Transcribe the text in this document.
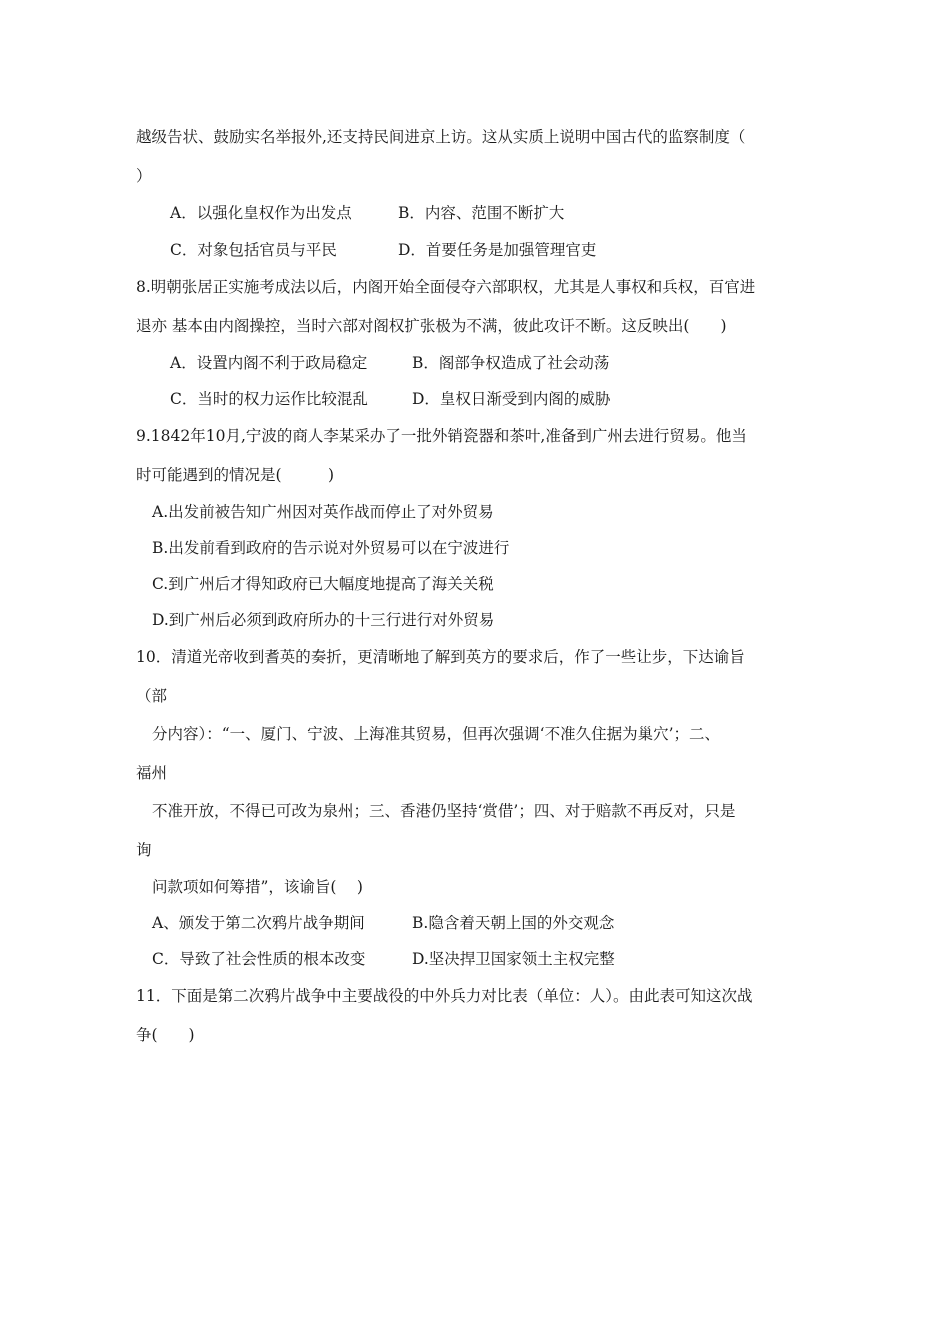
越级告状、鼓励实名举报外,还支持民间进京上访。这从实质上说明中国古代的监察制度（
）
A．以强化皇权作为出发点	B．内容、范围不断扩大
C．对象包括官员与平民	D．首要任务是加强管理官吏
8.明朝张居正实施考成法以后，内阁开始全面侵夺六部职权，尤其是人事权和兵权，百官进
退亦 基本由内阁操控，当时六部对阁权扩张极为不满，彼此攻讦不断。这反映出(　　)
A．设置内阁不利于政局稳定	B．阁部争权造成了社会动荡
C．当时的权力运作比较混乱	D．皇权日渐受到内阁的威胁
9.1842年10月,宁波的商人李某采办了一批外销瓷器和茶叶,准备到广州去进行贸易。他当
时可能遇到的情况是(　　　)
A.出发前被告知广州因对英作战而停止了对外贸易
B.出发前看到政府的告示说对外贸易可以在宁波进行
C.到广州后才得知政府已大幅度地提高了海关关税
D.到广州后必须到政府所办的十三行进行对外贸易
10．清道光帝收到耆英的奏折，更清晰地了解到英方的要求后，作了一些让步，下达谕旨
（部
分内容）：“一、厦门、宁波、上海准其贸易，但再次强调‘不准久住据为巢穴’；二、
福州
不准开放，不得已可改为泉州；三、香港仍坚持‘赏借’；四、对于赔款不再反对，只是
询
问款项如何筹措”，该谕旨(　 )
A、颁发于第二次鸦片战争期间	B.隐含着天朝上国的外交观念
C．导致了社会性质的根本改变	D.坚决捍卫国家领土主权完整
11．下面是第二次鸦片战争中主要战役的中外兵力对比表（单位：人）。由此表可知这次战
争(　　)
